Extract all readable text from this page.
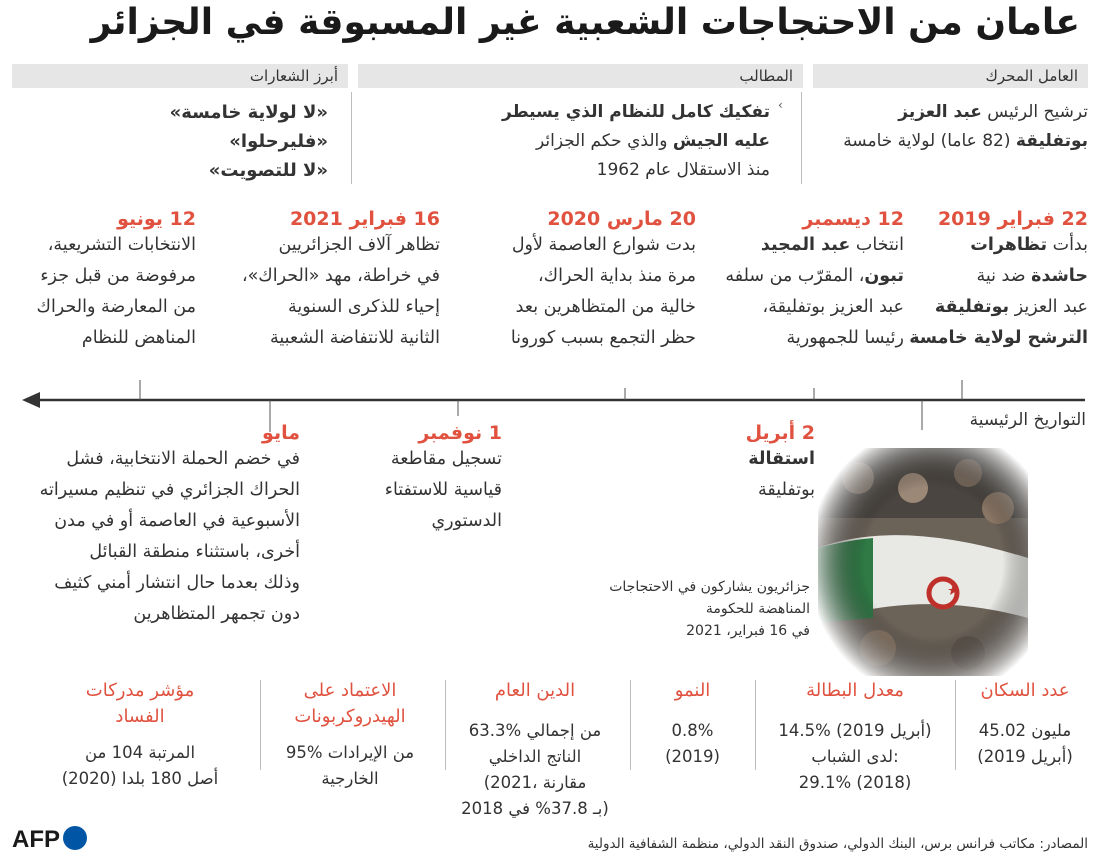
عامان من الاحتجاجات الشعبية غير المسبوقة في الجزائر
العامل المحرك
المطالب
أبرز الشعارات
ترشيح الرئيس عبد العزيز
بوتفليقة (82 عاما) لولاية خامسة
‹
تفكيك كامل للنظام الذي يسيطر
عليه الجيش والذي حكم الجزائر
منذ الاستقلال عام 1962
«لا لولاية خامسة»
«فليرحلوا»
«لا للتصويت»
22 فبراير 2019
بدأت تظاهرات
حاشدة ضد نية
عبد العزيز بوتفليقة
الترشح لولاية خامسة
12 ديسمبر
انتخاب عبد المجيد
تبون، المقرّب من سلفه
عبد العزيز بوتفليقة،
رئيسا للجمهورية
20 مارس 2020
بدت شوارع العاصمة لأول
مرة منذ بداية الحراك،
خالية من المتظاهرين بعد
حظر التجمع بسبب كورونا
16 فبراير 2021
تظاهر آلاف الجزائريين
في خراطة، مهد «الحراك»،
إحياء للذكرى السنوية
الثانية للانتفاضة الشعبية
12 يونيو
الانتخابات التشريعية،
مرفوضة من قبل جزء
من المعارضة والحراك
المناهض للنظام
التواريخ الرئيسية
2 أبريل
استقالة
بوتفليقة
1 نوفمبر
تسجيل مقاطعة
قياسية للاستفتاء
الدستوري
مايو
في خضم الحملة الانتخابية، فشل
الحراك الجزائري في تنظيم مسيراته
الأسبوعية في العاصمة أو في مدن
أخرى، باستثناء منطقة القبائل
وذلك بعدما حال انتشار أمني كثيف
دون تجمهر المتظاهرين
جزائريون يشاركون في الاحتجاجات
المناهضة للحكومة
في 16 فبراير، 2021
عدد السكان
45.02 مليون
(أبريل 2019)
معدل البطالة
14.5% (أبريل 2019)
لدى الشباب:
29.1% (2018)
النمو
0.8%
(2019)
الدين العام
63.3% من إجمالي
الناتج الداخلي
(2021، مقارنة
بـ 37.8% في 2018)
الاعتماد على
الهيدروكربونات
95% من الإيرادات
الخارجية
مؤشر مدركات
الفساد
المرتبة 104 من
أصل 180 بلدا (2020)
AFP	المصادر: مكاتب فرانس برس، البنك الدولي، صندوق النقد الدولي، منظمة الشفافية الدولية
